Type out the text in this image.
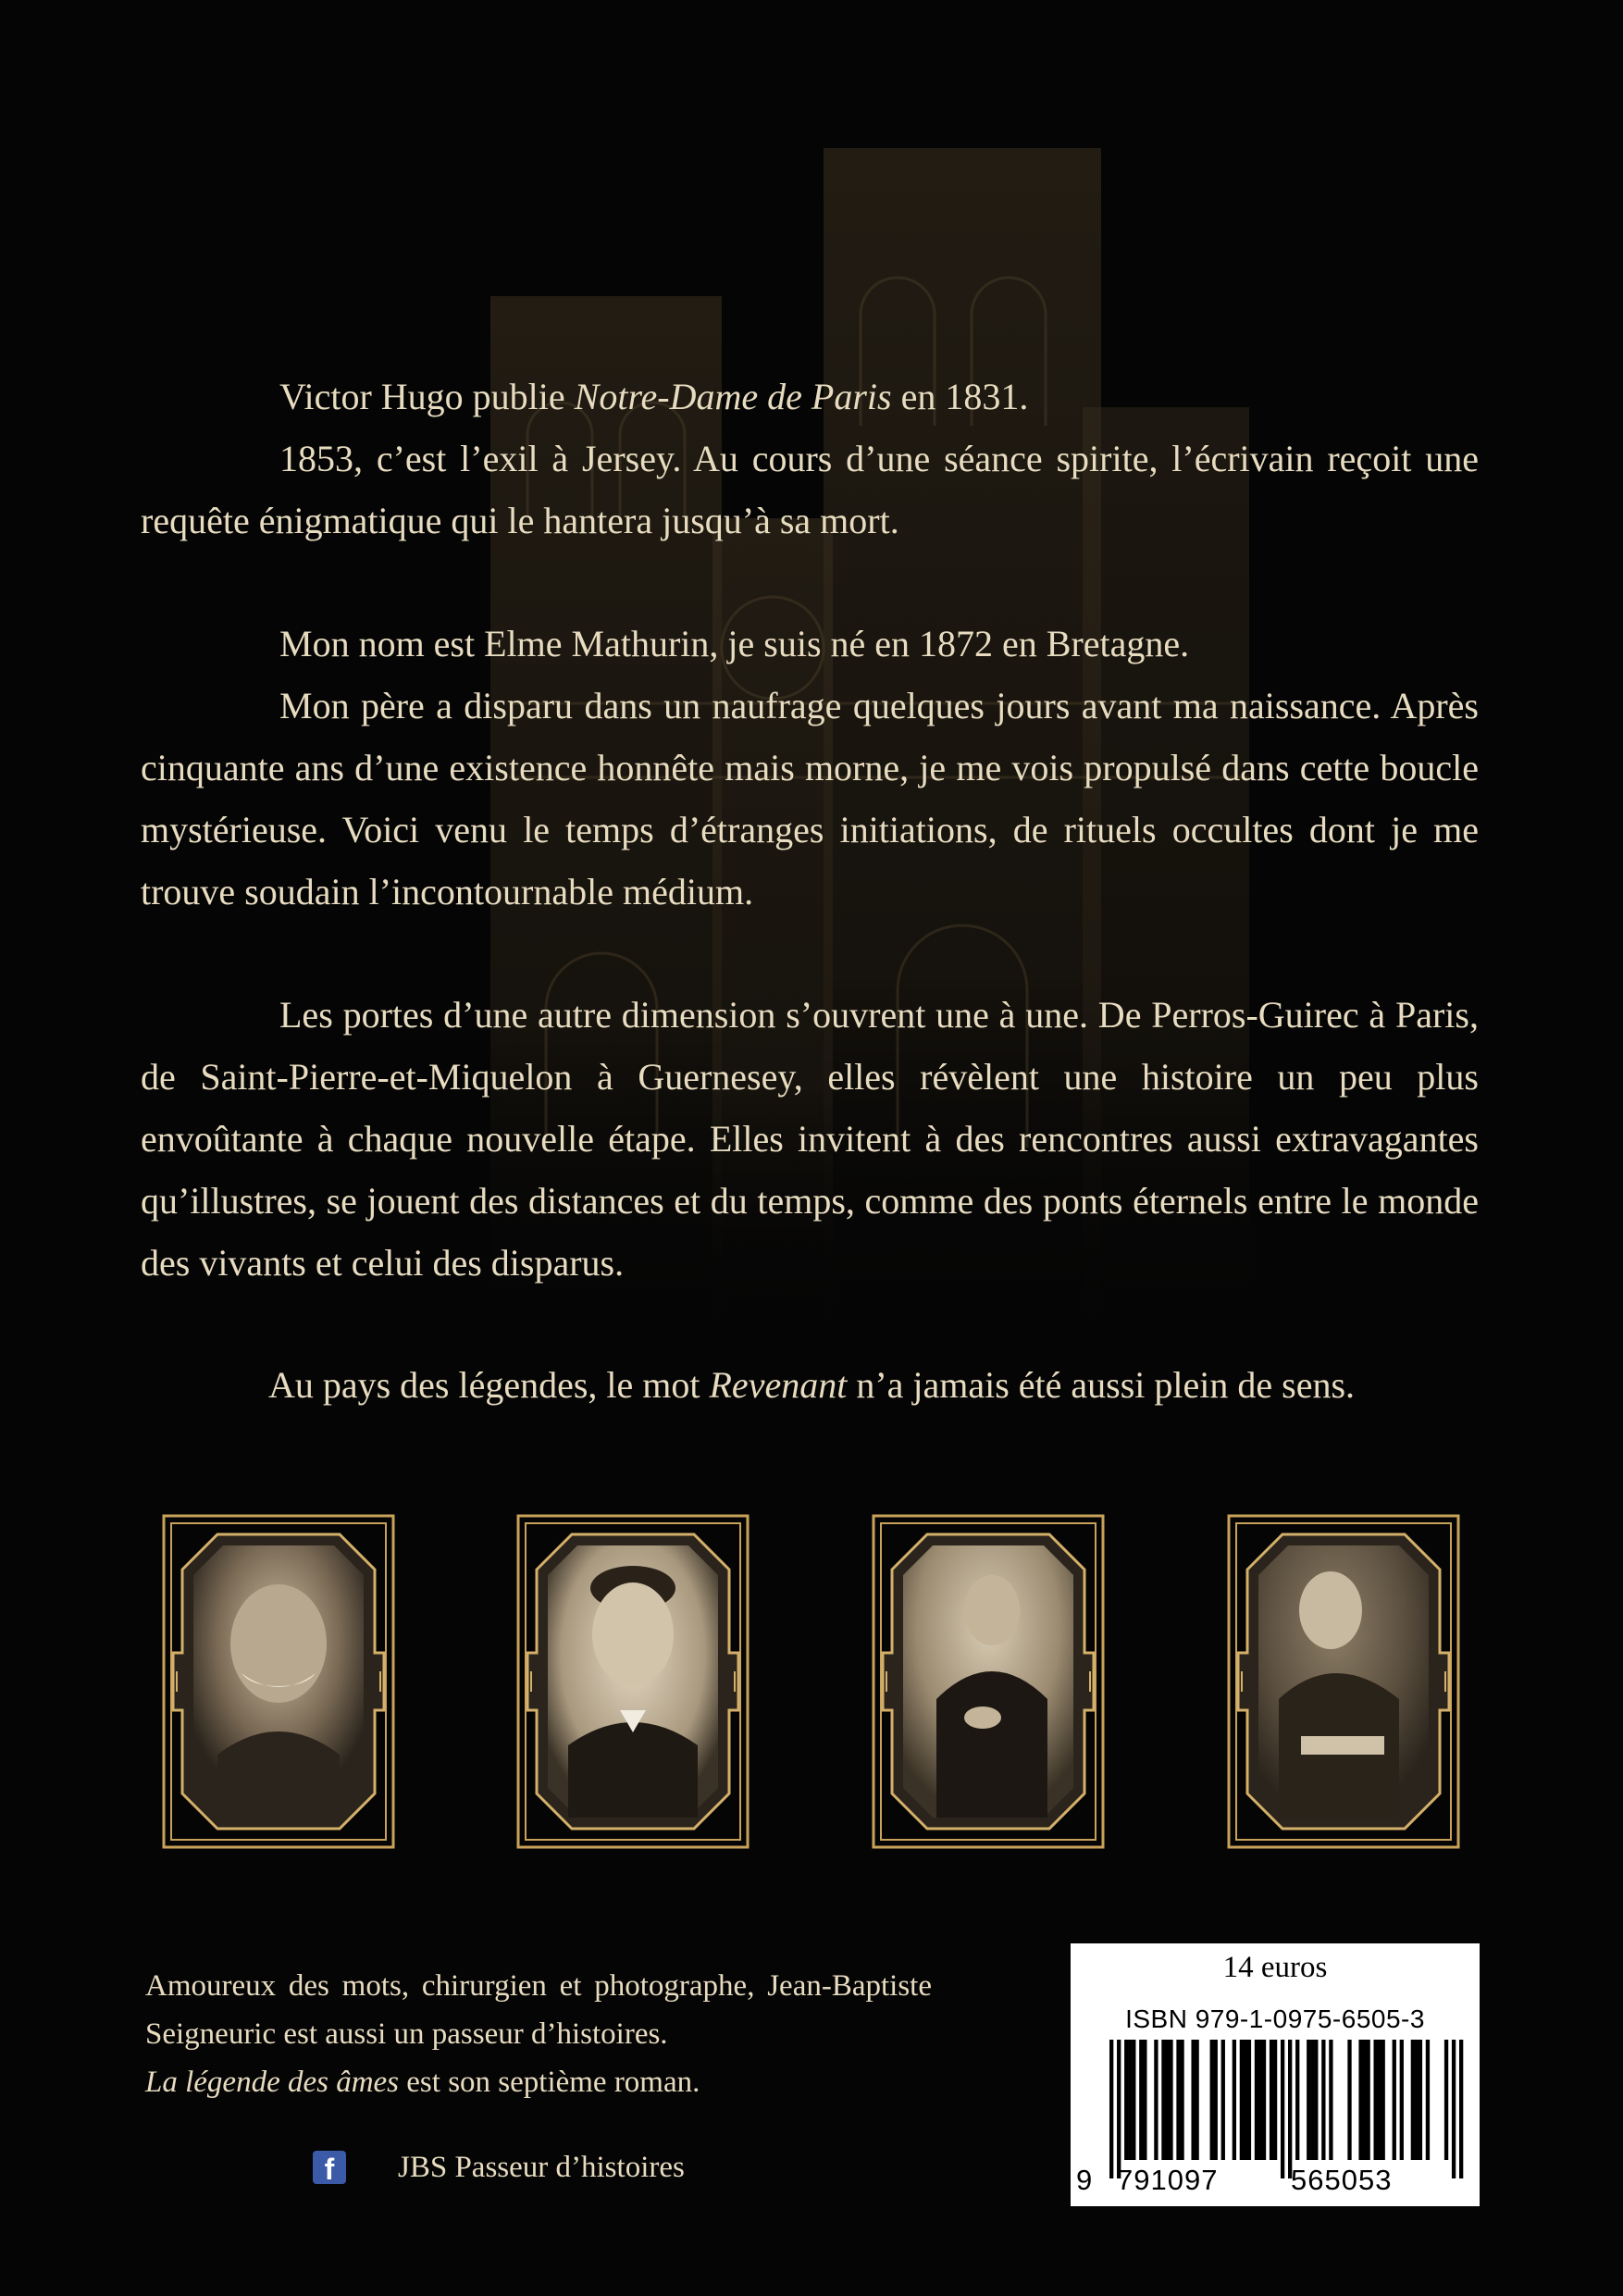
Victor Hugo publie Notre-Dame de Paris en 1831.

1853, c’est l’exil à Jersey. Au cours d’une séance spirite, l’écrivain reçoit une requête énigmatique qui le hantera jusqu’à sa mort.

Mon nom est Elme Mathurin, je suis né en 1872 en Bretagne.

Mon père a disparu dans un naufrage quelques jours avant ma naissance. Après cinquante ans d’une existence honnête mais morne, je me vois propulsé dans cette boucle mystérieuse. Voici venu le temps d’étranges initiations, de rituels occultes dont je me trouve soudain l’incontournable médium.

Les portes d’une autre dimension s’ouvrent une à une. De Perros-Guirec à Paris, de Saint-Pierre-et-Miquelon à Guernesey, elles révèlent une histoire un peu plus envoûtante à chaque nouvelle étape. Elles invitent à des rencontres aussi extravagantes qu’illustres, se jouent des distances et du temps, comme des ponts éternels entre le monde des vivants et celui des disparus.

Au pays des légendes, le mot Revenant n’a jamais été aussi plein de sens.

Amoureux des mots, chirurgien et photographe, Jean-Baptiste Seigneuric est aussi un passeur d’histoires.

La légende des âmes est son septième roman.

f	JBS Passeur d’histoires
14 euros
ISBN 979-1-0975-6505-3
9 791097	565053
